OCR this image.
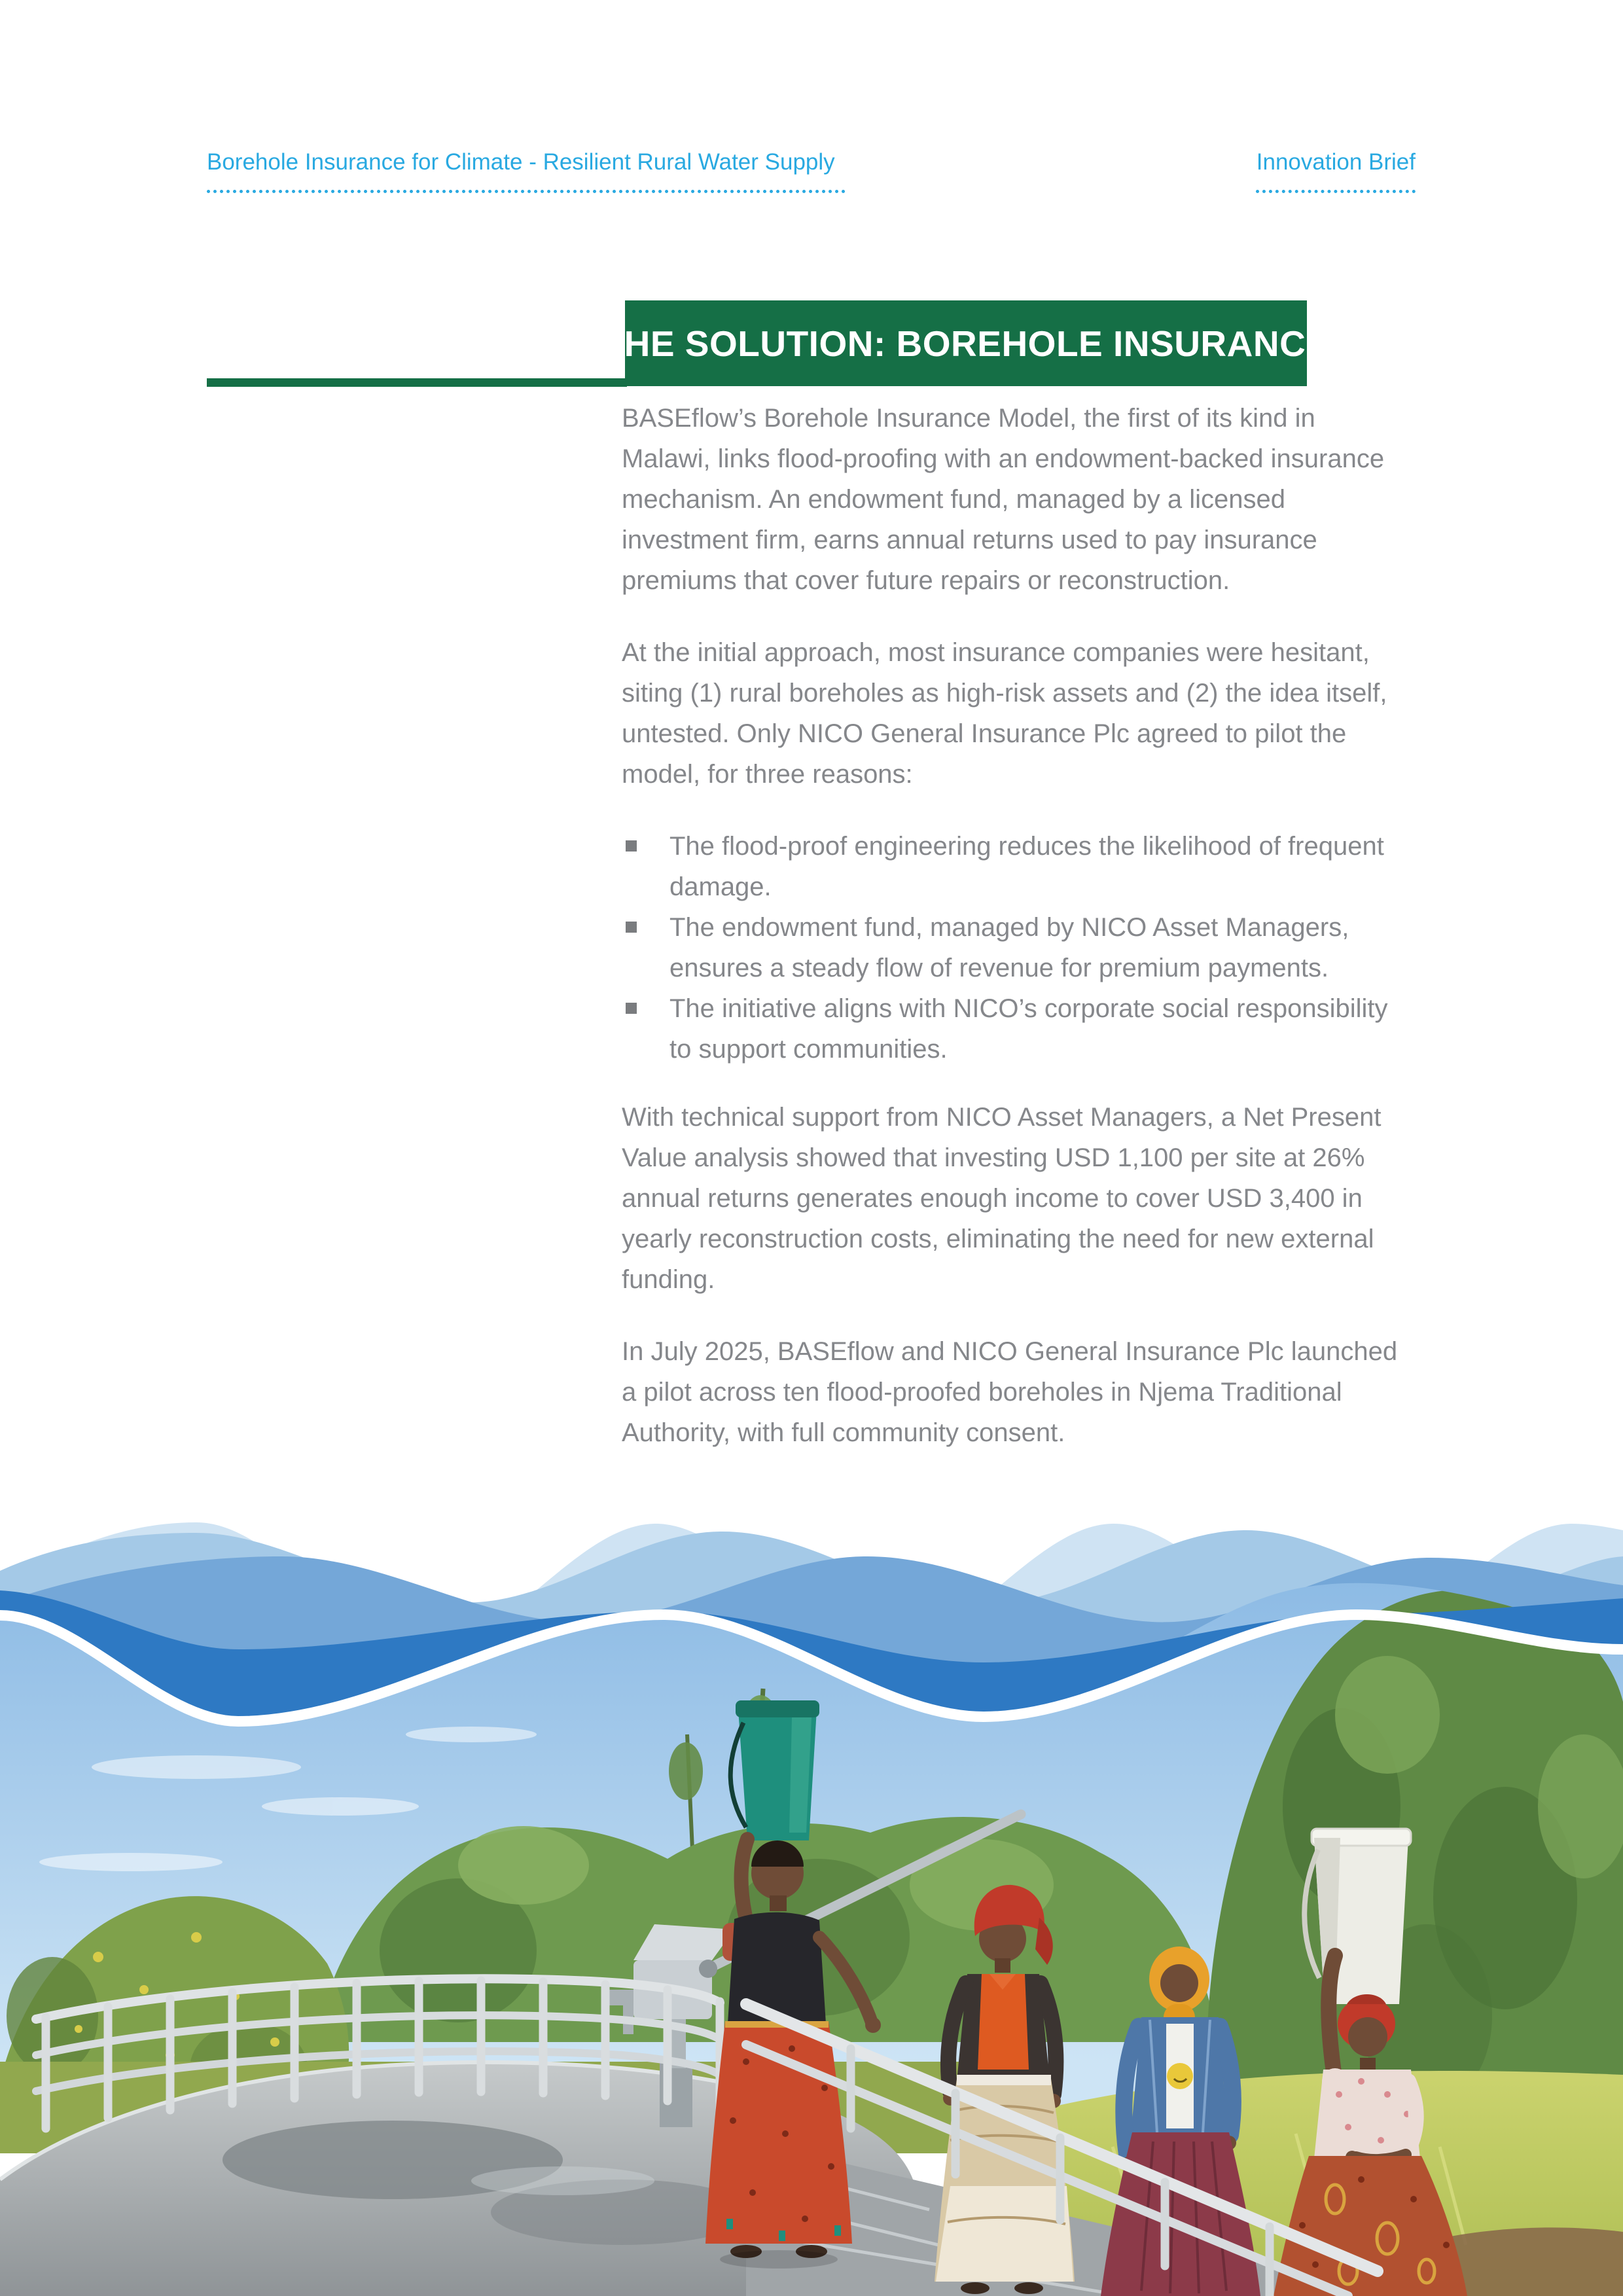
Borehole Insurance for Climate - Resilient Rural Water Supply	Innovation Brief
THE SOLUTION: BOREHOLE INSURANCE

BASEflow’s Borehole Insurance Model, the first of its kind in Malawi, links flood-proofing with an endowment-backed insurance mechanism. An endowment fund, managed by a licensed investment firm, earns annual returns used to pay insurance premiums that cover future repairs or reconstruction.

At the initial approach, most insurance companies were hesitant, siting (1) rural boreholes as high-risk assets and (2) the idea itself, untested. Only NICO General Insurance Plc agreed to pilot the model, for three reasons:

The flood-proof engineering reduces the likelihood of frequent damage.
The endowment fund, managed by NICO Asset Managers, ensures a steady flow of revenue for premium payments.
The initiative aligns with NICO’s corporate social responsibility to support communities.

With technical support from NICO Asset Managers, a Net Present Value analysis showed that investing USD 1,100 per site at 26% annual returns generates enough income to cover USD 3,400 in yearly reconstruction costs, eliminating the need for new external funding.

In July 2025, BASEflow and NICO General Insurance Plc launched a pilot across ten flood-proofed boreholes in Njema Traditional Authority, with full community consent.
